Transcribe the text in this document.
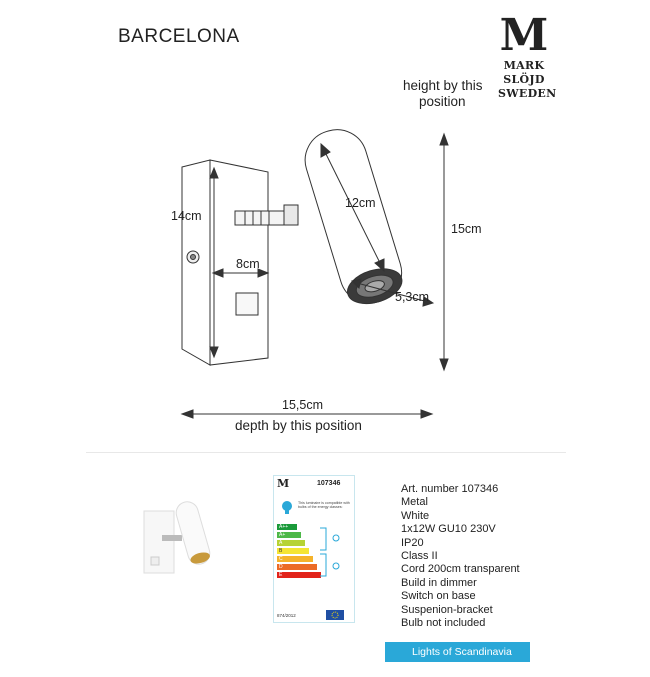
BARCELONA	M
MARK
SLÖJD
SWEDEN
height by this
position
14cm
8cm
12cm
5,3cm
15cm
15,5cm
depth by this position
M	107346
This luminaire is compatible with bulbs of the energy classes:
A++
A+
A
B
C
D
E
874/2012
Art. number 107346
Metal
White
1x12W GU10 230V
IP20
Class II
Cord 200cm transparent
Build in dimmer
Switch on base
Suspenion-bracket
Bulb not included
Lights of Scandinavia
